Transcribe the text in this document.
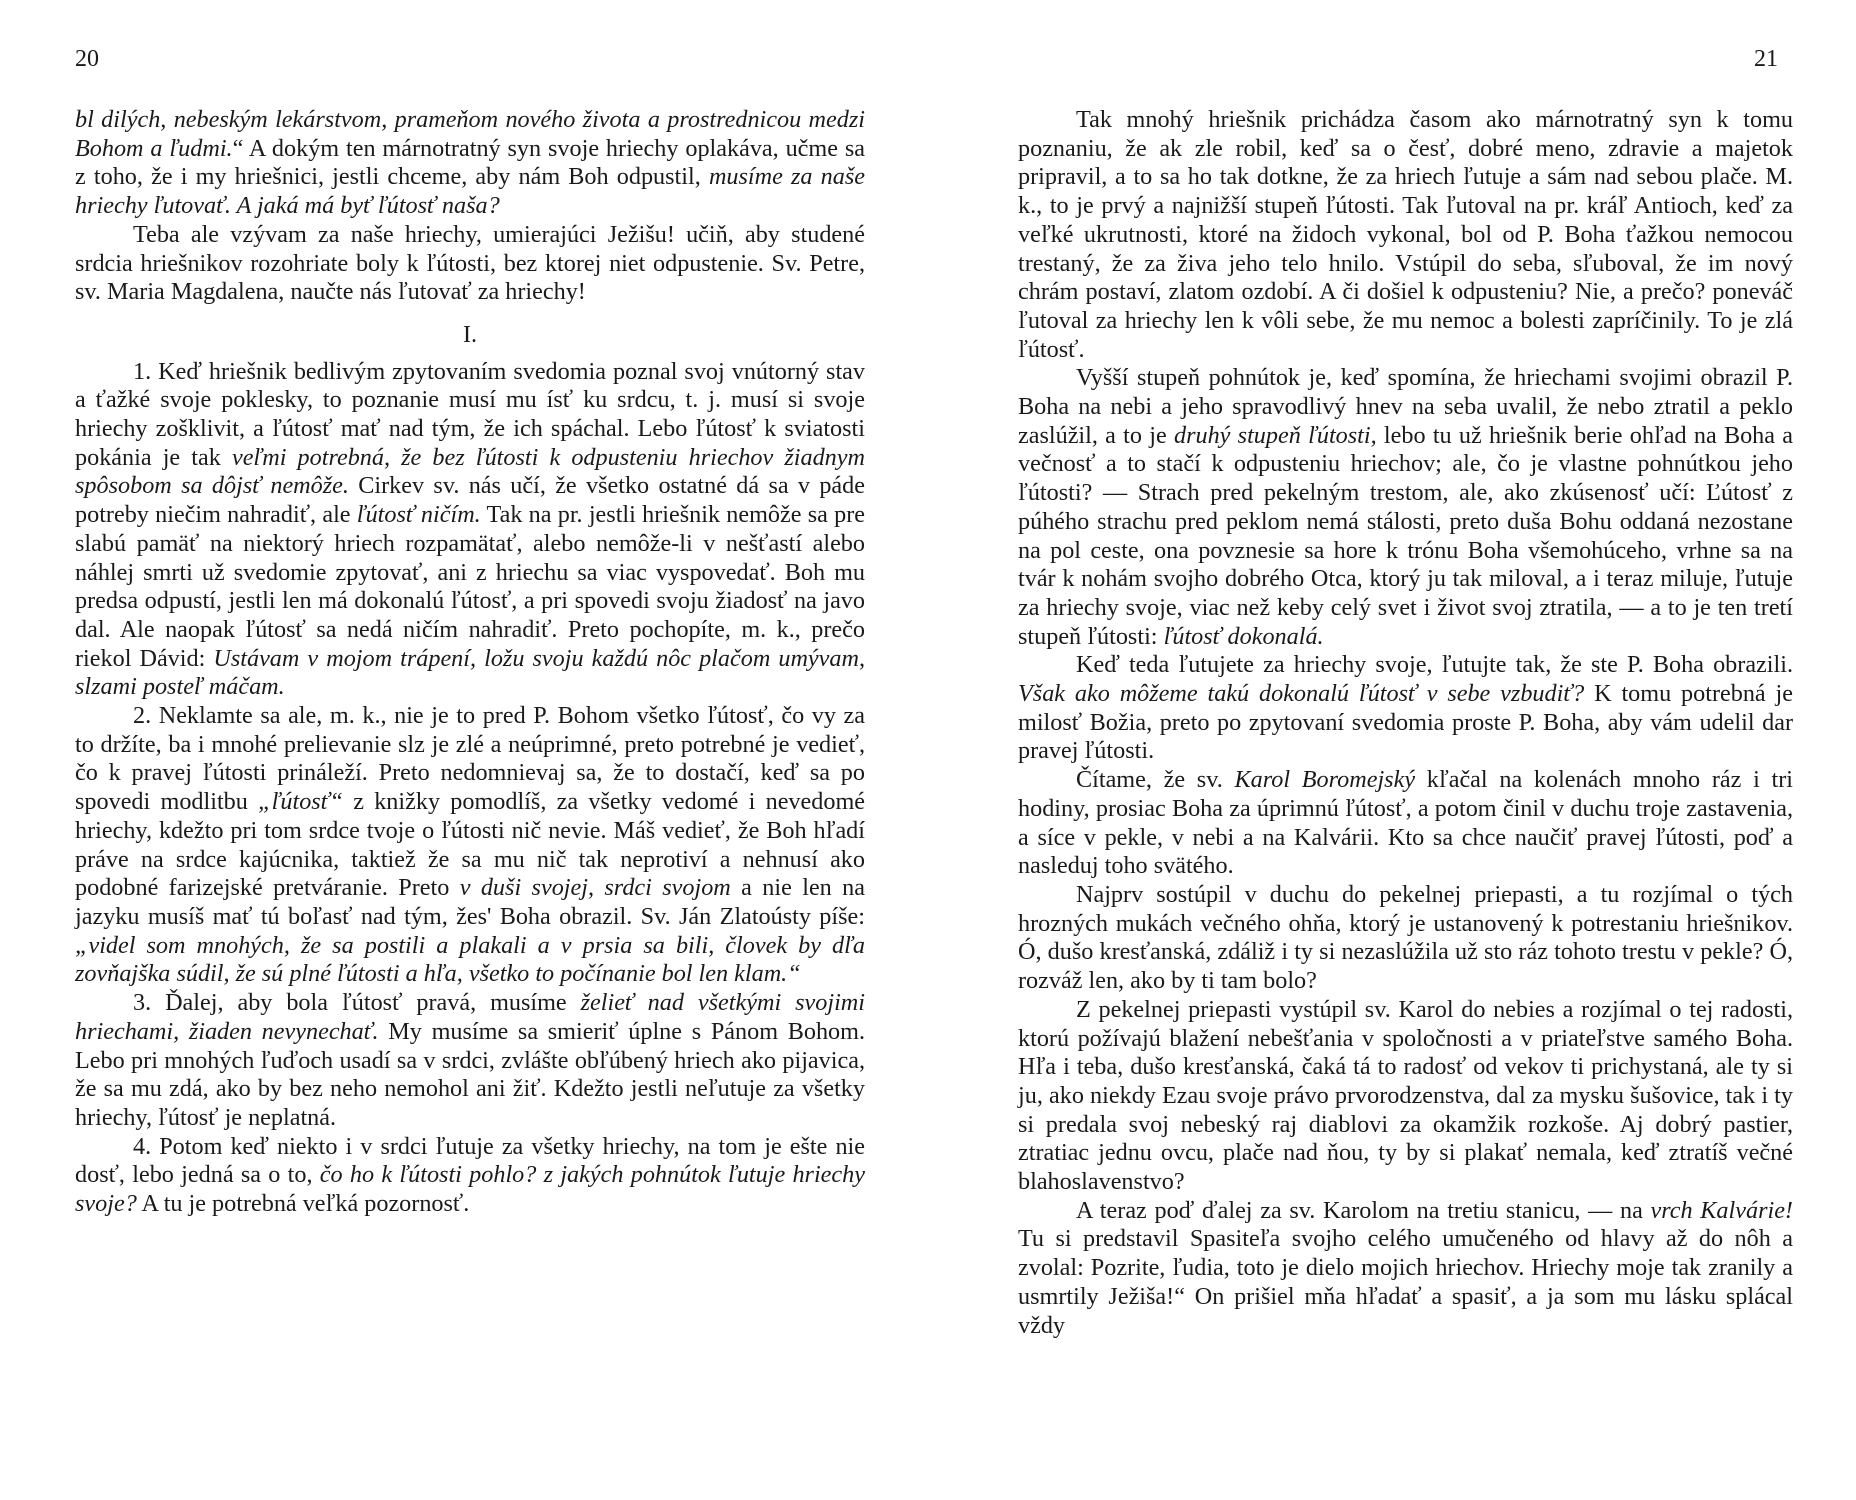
20

bl dilých, nebeským lekárstvom, prameňom nového života a prostrednicou medzi Bohom a ľudmi.“ A dokým ten márnotratný syn svoje hriechy oplakáva, učme sa z toho, že i my hriešnici, jestli chceme, aby nám Boh odpustil, musíme za naše hriechy ľutovať. A jaká má byť ľútosť naša?

Teba ale vzývam za naše hriechy, umierajúci Ježišu! učiň, aby studené srdcia hriešnikov rozohriate boly k ľútosti, bez ktorej niet odpustenie. Sv. Petre, sv. Maria Magdalena, naučte nás ľutovať za hriechy!

I.

1. Keď hriešnik bedlivým zpytovaním svedomia poznal svoj vnútorný stav a ťažké svoje poklesky, to poznanie musí mu ísť ku srdcu, t. j. musí si svoje hriechy zošklivit, a ľútosť mať nad tým, že ich spáchal. Lebo ľútosť k sviatosti pokánia je tak veľmi potrebná, že bez ľútosti k odpusteniu hriechov žiadnym spôsobom sa dôjsť nemôže. Cirkev sv. nás učí, že všetko ostatné dá sa v páde potreby niečim nahradiť, ale ľútosť ničím. Tak na pr. jestli hriešnik nemôže sa pre slabú pamäť na niektorý hriech rozpamätať, alebo nemôže-li v nešťastí alebo náhlej smrti už svedomie zpytovať, ani z hriechu sa viac vyspovedať. Boh mu predsa odpustí, jestli len má dokonalú ľútosť, a pri spovedi svoju žiadosť na javo dal. Ale naopak ľútosť sa nedá ničím nahradiť. Preto pochopíte, m. k., prečo riekol Dávid: Ustávam v mojom trápení, ložu svoju každú nôc plačom umývam, slzami posteľ máčam.

2. Neklamte sa ale, m. k., nie je to pred P. Bohom všetko ľútosť, čo vy za to držíte, ba i mnohé prelievanie slz je zlé a neúprimné, preto potrebné je vedieť, čo k pravej ľútosti prináleží. Preto nedomnievaj sa, že to dostačí, keď sa po spovedi modlitbu „ľútosť“ z knižky pomodlíš, za všetky vedomé i nevedomé hriechy, kdežto pri tom srdce tvoje o ľútosti nič nevie. Máš vedieť, že Boh hľadí práve na srdce kajúcnika, taktiež že sa mu nič tak neprotiví a nehnusí ako podobné farizejské pretváranie. Preto v duši svojej, srdci svojom a nie len na jazyku musíš mať tú boľasť nad tým, žes' Boha obrazil. Sv. Ján Zlatoústy píše: „videl som mnohých, že sa postili a plakali a v prsia sa bili, človek by dľa zovňajška súdil, že sú plné ľútosti a hľa, všetko to počínanie bol len klam.“

3. Ďalej, aby bola ľútosť pravá, musíme želieť nad všetkými svojimi hriechami, žiaden nevynechať. My musíme sa smieriť úplne s Pánom Bohom. Lebo pri mnohých ľuďoch usadí sa v srdci, zvlášte obľúbený hriech ako pijavica, že sa mu zdá, ako by bez neho nemohol ani žiť. Kdežto jestli neľutuje za všetky hriechy, ľútosť je neplatná.

4. Potom keď niekto i v srdci ľutuje za všetky hriechy, na tom je ešte nie dosť, lebo jedná sa o to, čo ho k ľútosti pohlo? z jakých pohnútok ľutuje hriechy svoje? A tu je potrebná veľká pozornosť.

21

Tak mnohý hriešnik prichádza časom ako márnotratný syn k tomu poznaniu, že ak zle robil, keď sa o česť, dobré meno, zdravie a majetok pripravil, a to sa ho tak dotkne, že za hriech ľutuje a sám nad sebou plače. M. k., to je prvý a najnižší stupeň ľútosti. Tak ľutoval na pr. kráľ Antioch, keď za veľké ukrutnosti, ktoré na židoch vykonal, bol od P. Boha ťažkou nemocou trestaný, že za živa jeho telo hnilo. Vstúpil do seba, sľuboval, že im nový chrám postaví, zlatom ozdobí. A či došiel k odpusteniu? Nie, a prečo? poneváč ľutoval za hriechy len k vôli sebe, že mu nemoc a bolesti zapríčinily. To je zlá ľútosť.

Vyšší stupeň pohnútok je, keď spomína, že hriechami svojimi obrazil P. Boha na nebi a jeho spravodlivý hnev na seba uvalil, že nebo ztratil a peklo zaslúžil, a to je druhý stupeň ľútosti, lebo tu už hriešnik berie ohľad na Boha a večnosť a to stačí k odpusteniu hriechov; ale, čo je vlastne pohnútkou jeho ľútosti? — Strach pred pekelným trestom, ale, ako zkúsenosť učí: Ľútosť z púhého strachu pred peklom nemá stálosti, preto duša Bohu oddaná nezostane na pol ceste, ona povznesie sa hore k trónu Boha všemohúceho, vrhne sa na tvár k nohám svojho dobrého Otca, ktorý ju tak miloval, a i teraz miluje, ľutuje za hriechy svoje, viac než keby celý svet i život svoj ztratila, — a to je ten tretí stupeň ľútosti: ľútosť dokonalá.

Keď teda ľutujete za hriechy svoje, ľutujte tak, že ste P. Boha obrazili. Však ako môžeme takú dokonalú ľútosť v sebe vzbudiť? K tomu potrebná je milosť Božia, preto po zpytovaní svedomia proste P. Boha, aby vám udelil dar pravej ľútosti.

Čítame, že sv. Karol Boromejský kľačal na kolenách mnoho ráz i tri hodiny, prosiac Boha za úprimnú ľútosť, a potom činil v duchu troje zastavenia, a síce v pekle, v nebi a na Kalvárii. Kto sa chce naučiť pravej ľútosti, poď a nasleduj toho svätého.

Najprv sostúpil v duchu do pekelnej priepasti, a tu rozjímal o tých hrozných mukách večného ohňa, ktorý je ustanovený k potrestaniu hriešnikov. Ó, dušo kresťanská, zdáliž i ty si nezaslúžila už sto ráz tohoto trestu v pekle? Ó, rozváž len, ako by ti tam bolo?

Z pekelnej priepasti vystúpil sv. Karol do nebies a rozjímal o tej radosti, ktorú požívajú blažení nebešťania v spoločnosti a v priateľstve samého Boha. Hľa i teba, dušo kresťanská, čaká tá to radosť od vekov ti prichystaná, ale ty si ju, ako niekdy Ezau svoje právo prvorodzenstva, dal za mysku šušovice, tak i ty si predala svoj nebeský raj diablovi za okamžik rozkoše. Aj dobrý pastier, ztratiac jednu ovcu, plače nad ňou, ty by si plakať nemala, keď ztratíš večné blahoslavenstvo?

A teraz poď ďalej za sv. Karolom na tretiu stanicu, — na vrch Kalvárie! Tu si predstavil Spasiteľa svojho celého umučeného od hlavy až do nôh a zvolal: Pozrite, ľudia, toto je dielo mojich hriechov. Hriechy moje tak zranily a usmrtily Ježiša!“ On prišiel mňa hľadať a spasiť, a ja som mu lásku splácal vždy
